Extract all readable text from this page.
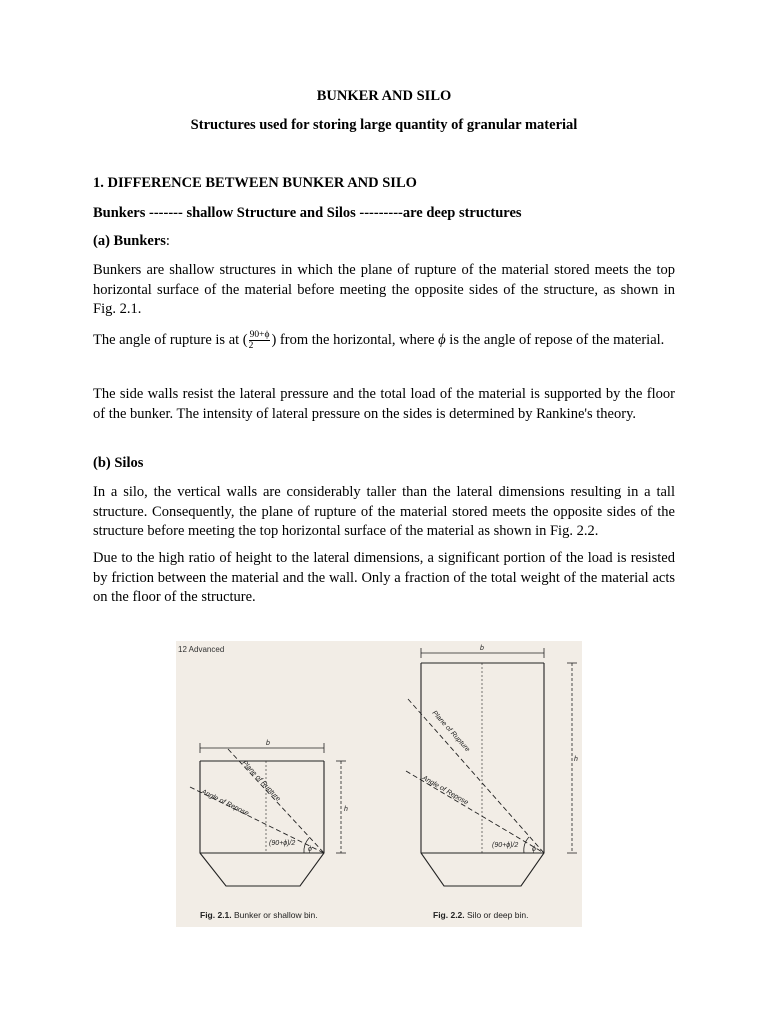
BUNKER AND SILO
Structures used for storing large quantity of granular material
1. DIFFERENCE BETWEEN BUNKER AND SILO
Bunkers ------- shallow Structure and Silos ---------are deep structures
(a) Bunkers:
Bunkers are shallow structures in which the plane of rupture of the material stored meets the top horizontal surface of the material before meeting the opposite sides of the structure, as shown in Fig. 2.1.
The angle of rupture is at ( $\frac{90+\phi}{2}$ ) from the horizontal, where ϕ is the angle of repose of the material.
The side walls resist the lateral pressure and the total load of the material is supported by the floor of the bunker. The intensity of lateral pressure on the sides is determined by Rankine's theory.
(b) Silos
In a silo, the vertical walls are considerably taller than the lateral dimensions resulting in a tall structure. Consequently, the plane of rupture of the material stored meets the opposite sides of the structure before meeting the top horizontal surface of the material as shown in Fig. 2.2.
Due to the high ratio of height to the lateral dimensions, a significant portion of the load is resisted by friction between the material and the wall. Only a fraction of the total weight of the material acts on the floor of the structure.
12 Advanced
Plane of Rupture
Angle of Repose
b
h
(90+ϕ)/2
ϕ
Plane of Rupture
Angle of Repose
b
h
(90+ϕ)/2
ϕ
Fig. 2.1. Bunker or shallow bin.	Fig. 2.2. Silo or deep bin.
